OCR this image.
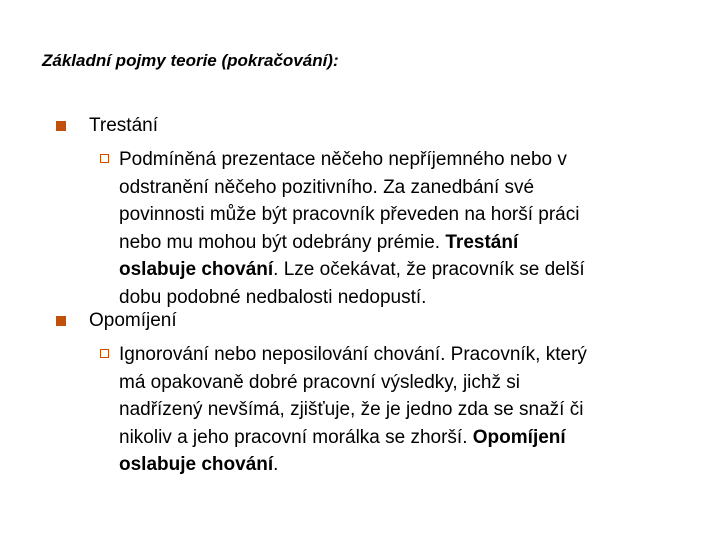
Základní pojmy teorie (pokračování):
Trestání
Podmíněná prezentace něčeho nepříjemného nebo v
odstranění něčeho pozitivního. Za zanedbání své
povinnosti může být pracovník převeden na horší práci
nebo mu mohou být odebrány prémie. Trestání
oslabuje chování. Lze očekávat, že pracovník se delší
dobu podobné nedbalosti nedopustí.
Opomíjení
Ignorování nebo neposilování chování. Pracovník, který
má opakovaně dobré pracovní výsledky, jichž si
nadřízený nevšímá, zjišťuje, že je jedno zda se snaží či
nikoliv a jeho pracovní morálka se zhorší. Opomíjení
oslabuje chování.
